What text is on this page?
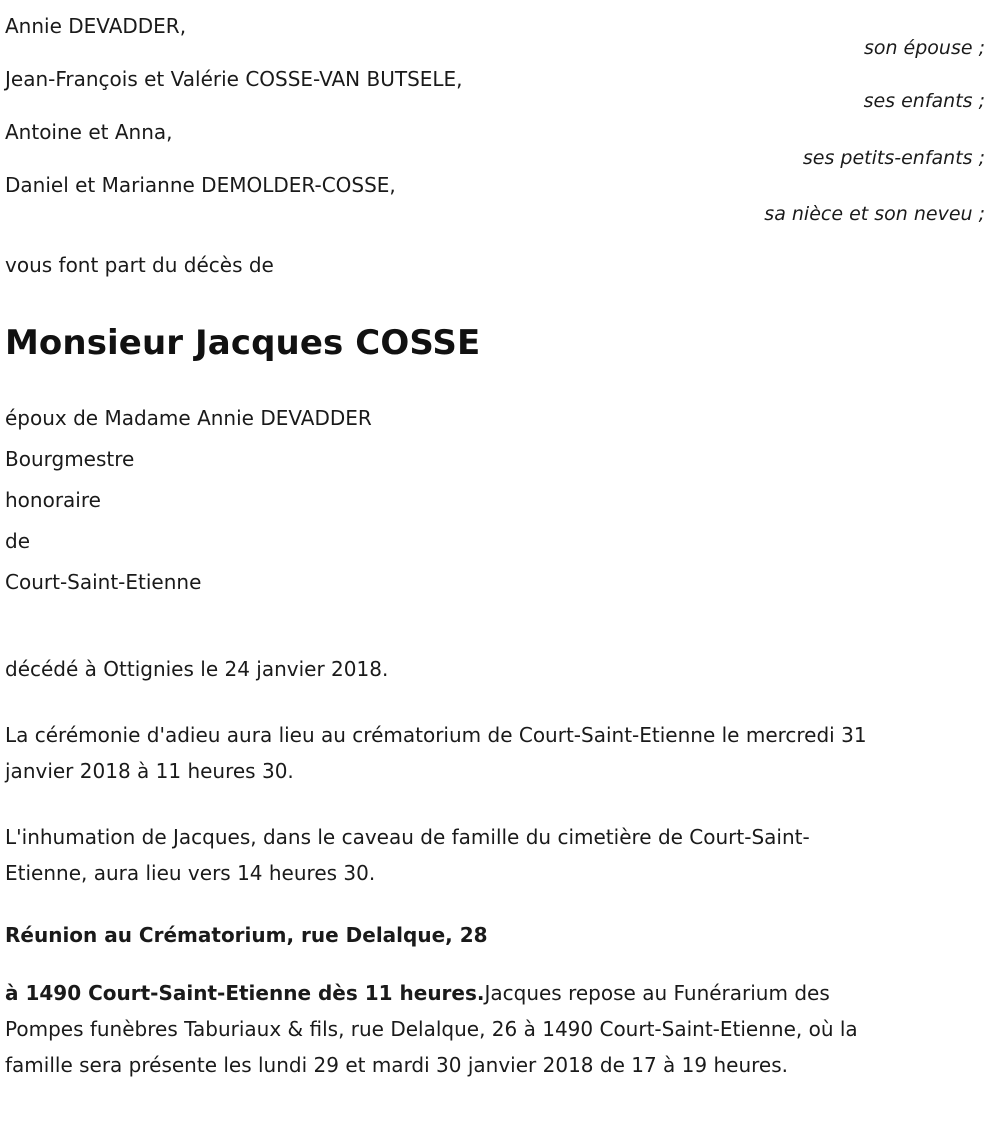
Annie DEVADDER,
son épouse ;
Jean-François et Valérie COSSE-VAN BUTSELE,
ses enfants ;
Antoine et Anna,
ses petits-enfants ;
Daniel et Marianne DEMOLDER-COSSE,
sa nièce et son neveu ;
vous font part du décès de
Monsieur Jacques COSSE
époux de Madame Annie DEVADDER
Bourgmestre
honoraire
de
Court-Saint-Etienne

décédé à Ottignies le 24 janvier 2018.

La cérémonie d'adieu aura lieu au crématorium de Court-Saint-Etienne le mercredi 31 janvier 2018 à 11 heures 30.

L'inhumation de Jacques, dans le caveau de famille du cimetière de Court-Saint-Etienne, aura lieu vers 14 heures 30.

Réunion au Crématorium, rue Delalque, 28

à 1490 Court-Saint-Etienne dès 11 heures.Jacques repose au Funérarium des Pompes funèbres Taburiaux & fils, rue Delalque, 26 à 1490 Court-Saint-Etienne, où la famille sera présente les lundi 29 et mardi 30 janvier 2018 de 17 à 19 heures.
